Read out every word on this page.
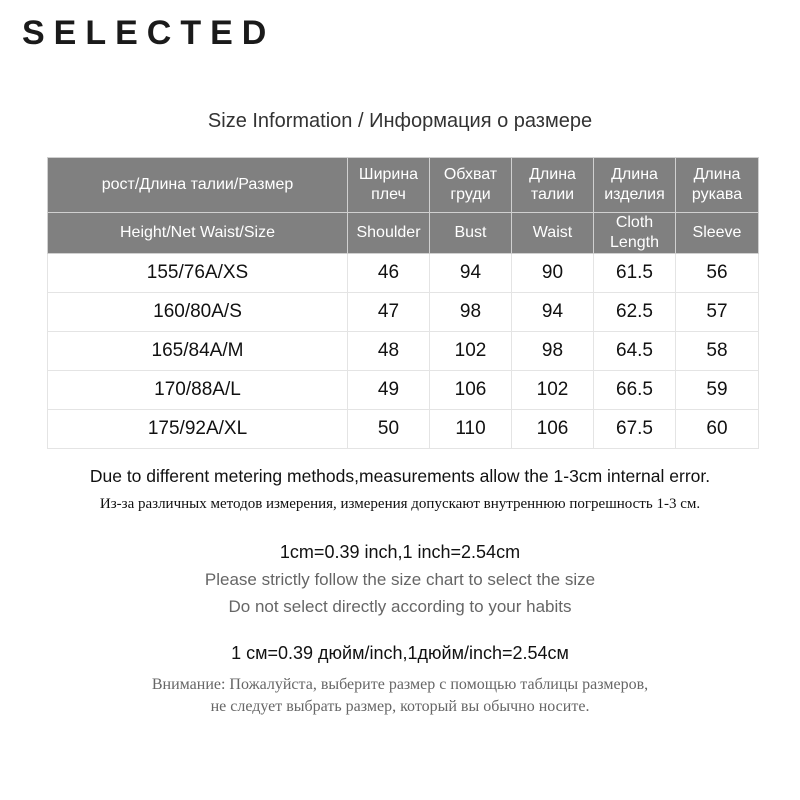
SELECTED
Size Information / Информация о размере
рост/Длина талии/Размер	Ширина плеч	Обхват груди	Длина талии	Длина изделия	Длина рукава
Height/Net Waist/Size	Shoulder	Bust	Waist	Cloth Length	Sleeve
155/76A/XS	46	94	90	61.5	56
160/80A/S	47	98	94	62.5	57
165/84A/M	48	102	98	64.5	58
170/88A/L	49	106	102	66.5	59
175/92A/XL	50	110	106	67.5	60
Due to different metering methods,measurements allow the 1-3cm internal error.
Из-за различных методов измерения, измерения допускают внутреннюю погрешность 1-3 см.
1cm=0.39 inch,1 inch=2.54cm
Please strictly follow the size chart to select the size
Do not select directly according to your habits
1 см=0.39 дюйм/inch,1дюйм/inch=2.54см
Внимание: Пожалуйста, выберите размер с помощью таблицы размеров,
не следует выбрать размер, который вы обычно носите.
